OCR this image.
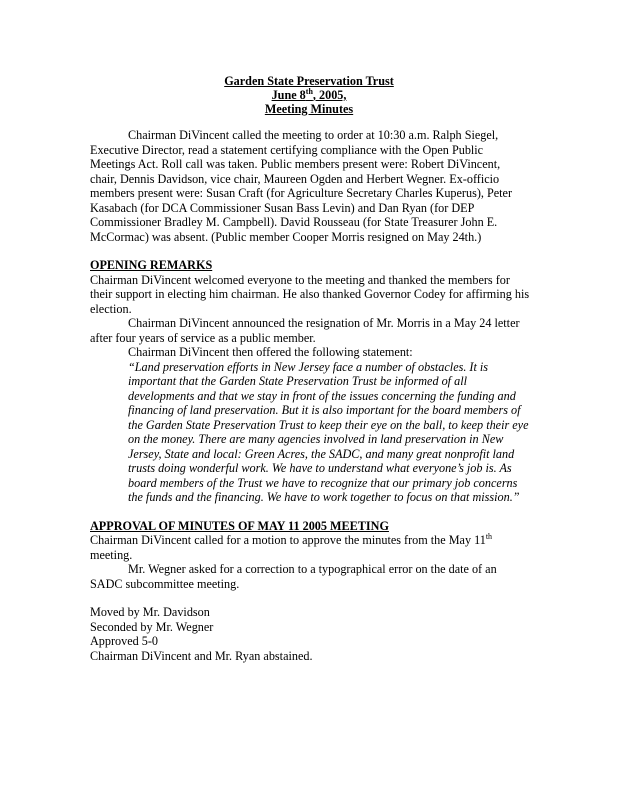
Garden State Preservation Trust
June 8th, 2005,
Meeting Minutes

Chairman DiVincent called the meeting to order at 10:30 a.m. Ralph Siegel, Executive Director, read a statement certifying compliance with the Open Public Meetings Act. Roll call was taken. Public members present were: Robert DiVincent, chair, Dennis Davidson, vice chair, Maureen Ogden and Herbert Wegner. Ex-officio members present were: Susan Craft (for Agriculture Secretary Charles Kuperus), Peter Kasabach (for DCA Commissioner Susan Bass Levin) and Dan Ryan (for DEP Commissioner Bradley M. Campbell). David Rousseau (for State Treasurer John E. McCormac) was absent. (Public member Cooper Morris resigned on May 24th.)

OPENING REMARKS

Chairman DiVincent welcomed everyone to the meeting and thanked the members for their support in electing him chairman. He also thanked Governor Codey for affirming his election.

Chairman DiVincent announced the resignation of Mr. Morris in a May 24 letter after four years of service as a public member.

Chairman DiVincent then offered the following statement:

“Land preservation efforts in New Jersey face a number of obstacles. It is important that the Garden State Preservation Trust be informed of all developments and that we stay in front of the issues concerning the funding and financing of land preservation. But it is also important for the board members of the Garden State Preservation Trust to keep their eye on the ball, to keep their eye on the money. There are many agencies involved in land preservation in New Jersey, State and local: Green Acres, the SADC, and many great nonprofit land trusts doing wonderful work. We have to understand what everyone’s job is. As board members of the Trust we have to recognize that our primary job concerns the funds and the financing. We have to work together to focus on that mission.”

APPROVAL OF MINUTES OF MAY 11 2005 MEETING

Chairman DiVincent called for a motion to approve the minutes from the May 11th meeting.

Mr. Wegner asked for a correction to a typographical error on the date of an SADC subcommittee meeting.

Moved by Mr. Davidson

Seconded by Mr. Wegner

Approved 5-0

Chairman DiVincent and Mr. Ryan abstained.
